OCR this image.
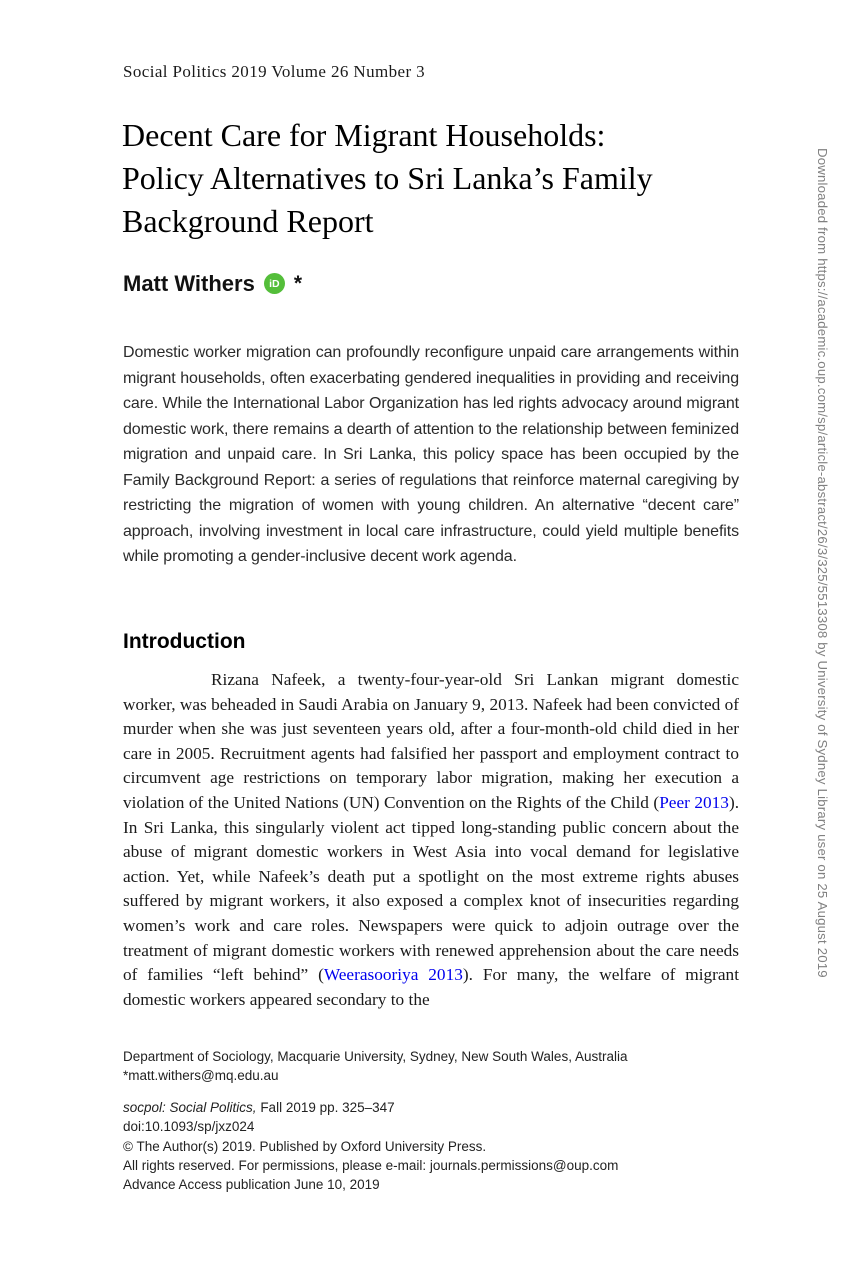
Social Politics 2019 Volume 26 Number 3
Decent Care for Migrant Households:
Policy Alternatives to Sri Lanka’s Family
Background Report
Matt Withers	iD *

Domestic worker migration can profoundly reconfigure unpaid care arrangements within migrant households, often exacerbating gendered inequalities in providing and receiving care. While the International Labor Organization has led rights advocacy around migrant domestic work, there remains a dearth of attention to the relationship between feminized migration and unpaid care. In Sri Lanka, this policy space has been occupied by the Family Background Report: a series of regulations that reinforce maternal caregiving by restricting the migration of women with young children. An alternative “decent care” approach, involving investment in local care infrastructure, could yield multiple benefits while promoting a gender-inclusive decent work agenda.

Introduction

Rizana Nafeek, a twenty-four-year-old Sri Lankan migrant domestic worker, was beheaded in Saudi Arabia on January 9, 2013. Nafeek had been convicted of murder when she was just seventeen years old, after a four-month-old child died in her care in 2005. Recruitment agents had falsified her passport and employment contract to circumvent age restrictions on temporary labor migration, making her execution a violation of the United Nations (UN) Convention on the Rights of the Child (Peer 2013). In Sri Lanka, this singularly violent act tipped long-standing public concern about the abuse of migrant domestic workers in West Asia into vocal demand for legislative action. Yet, while Nafeek’s death put a spotlight on the most extreme rights abuses suffered by migrant workers, it also exposed a complex knot of insecurities regarding women’s work and care roles. Newspapers were quick to adjoin outrage over the treatment of migrant domestic workers with renewed apprehension about the care needs of families “left behind” (Weerasooriya 2013). For many, the welfare of migrant domestic workers appeared secondary to the

Department of Sociology, Macquarie University, Sydney, New South Wales, Australia
*matt.withers@mq.edu.au
socpol: Social Politics, Fall 2019 pp. 325–347
doi:10.1093/sp/jxz024
© The Author(s) 2019. Published by Oxford University Press.
All rights reserved. For permissions, please e-mail: journals.permissions@oup.com
Advance Access publication June 10, 2019
Downloaded from https://academic.oup.com/sp/article-abstract/26/3/325/5513308 by University of Sydney Library user on 25 August 2019
